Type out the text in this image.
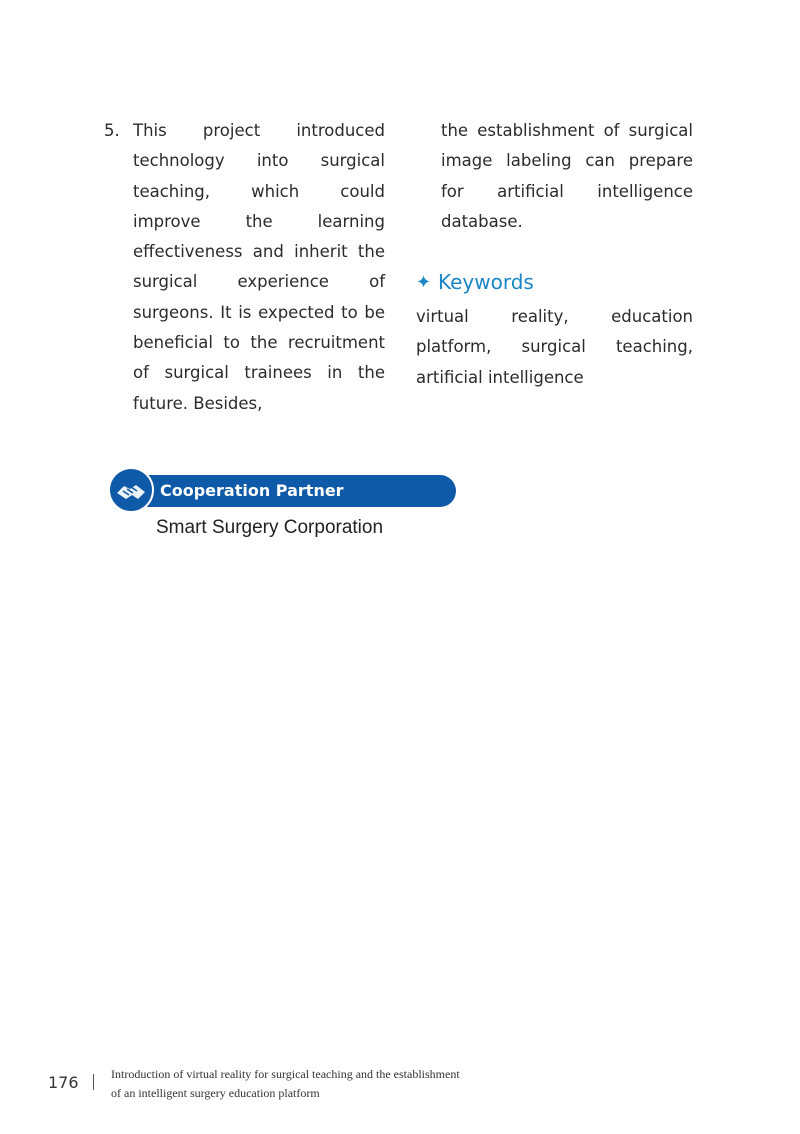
5. This project introduced technology into surgical teaching, which could improve the learning effectiveness and inherit the surgical experience of surgeons. It is expected to be beneficial to the recruitment of surgical trainees in the future. Besides,

the establishment of surgical image labeling can prepare for artificial intelligence database.

✦ Keywords

virtual reality, education platform, surgical teaching, artificial intelligence

Cooperation Partner
Smart Surgery Corporation
176	Introduction of virtual reality for surgical teaching and the establishment
of an intelligent surgery education platform
